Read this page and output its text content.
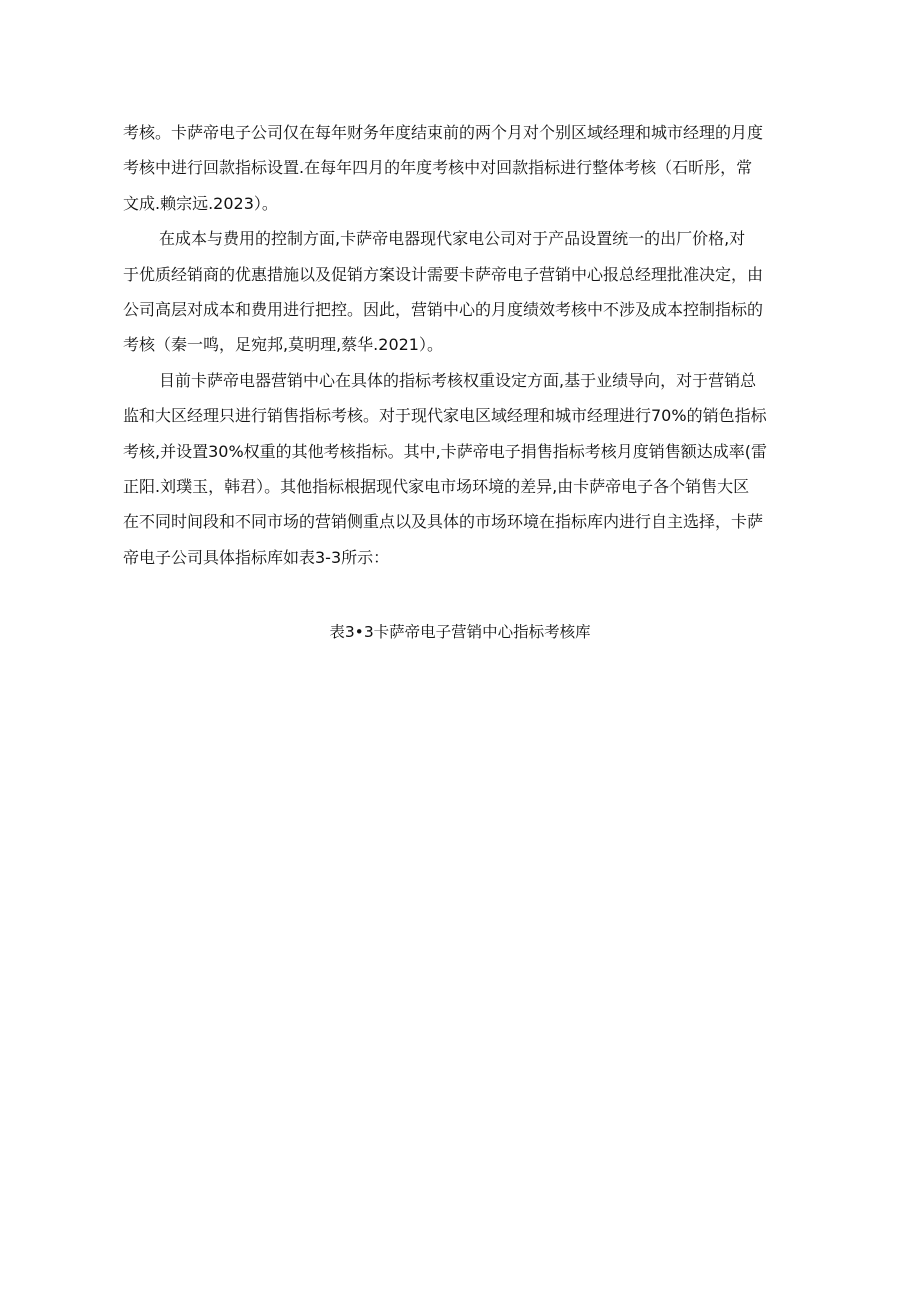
考核。卡萨帝电子公司仅在每年财务年度结束前的两个月对个别区域经理和城市经理的月度
考核中进行回款指标设置.在每年四月的年度考核中对回款指标进行整体考核（石昕彤，常
文成.赖宗远.2023）。
在成本与费用的控制方面,卡萨帝电器现代家电公司对于产品设置统一的出厂价格,对
于优质经销商的优惠措施以及促销方案设计需要卡萨帝电子营销中心报总经理批准决定，由
公司高层对成本和费用进行把控。因此，营销中心的月度绩效考核中不涉及成本控制指标的
考核（秦一鸣，足宛邦,莫明理,蔡华.2021）。
目前卡萨帝电器营销中心在具体的指标考核权重设定方面,基于业绩导向，对于营销总
监和大区经理只进行销售指标考核。对于现代家电区域经理和城市经理进行70%的销色指标
考核,并设置30%权重的其他考核指标。其中,卡萨帝电子捐售指标考核月度销售额达成率(雷
正阳.刘璞玉，韩君）。其他指标根据现代家电市场环境的差异,由卡萨帝电子各个销售大区
在不同时间段和不同市场的营销侧重点以及具体的市场环境在指标库内进行自主选择，卡萨
帝电子公司具体指标库如表3-3所示：
表3•3卡萨帝电子营销中心指标考核库
